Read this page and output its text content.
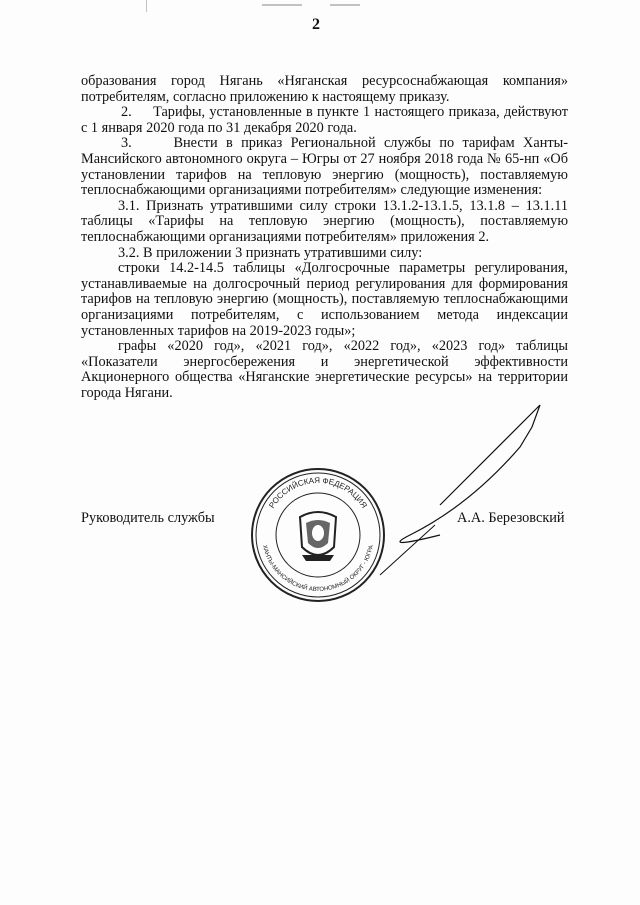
2

образования город Нягань «Няганская ресурсоснабжающая компания» потребителям, согласно приложению к настоящему приказу.

2.     Тарифы, установленные в пункте 1 настоящего приказа, действуют с 1 января 2020 года по 31 декабря 2020 года.

3.     Внести в приказ Региональной службы по тарифам Ханты-Мансийского автономного округа – Югры от 27 ноября 2018 года № 65-нп «Об установлении тарифов на тепловую энергию (мощность), поставляемую теплоснабжающими организациями потребителям» следующие изменения:

3.1. Признать утратившими силу строки 13.1.2-13.1.5, 13.1.8 – 13.1.11 таблицы «Тарифы на тепловую энергию (мощность), поставляемую теплоснабжающими организациями потребителям» приложения 2.

3.2. В приложении 3 признать утратившими силу:

строки 14.2-14.5 таблицы «Долгосрочные параметры регулирования, устанавливаемые на долгосрочный период регулирования для формирования тарифов на тепловую энергию (мощность), поставляемую теплоснабжающими организациями потребителям, с использованием метода индексации установленных тарифов на 2019-2023 годы»;

графы «2020 год», «2021 год», «2022 год», «2023 год» таблицы «Показатели энергосбережения и энергетической эффективности Акционерного общества «Няганские энергетические ресурсы» на территории города Нягани.

Руководитель службы	А.А. Березовский
РОССИЙСКАЯ ФЕДЕРАЦИЯ
ХАНТЫ-МАНСИЙСКИЙ АВТОНОМНЫЙ ОКРУГ - ЮГРА
